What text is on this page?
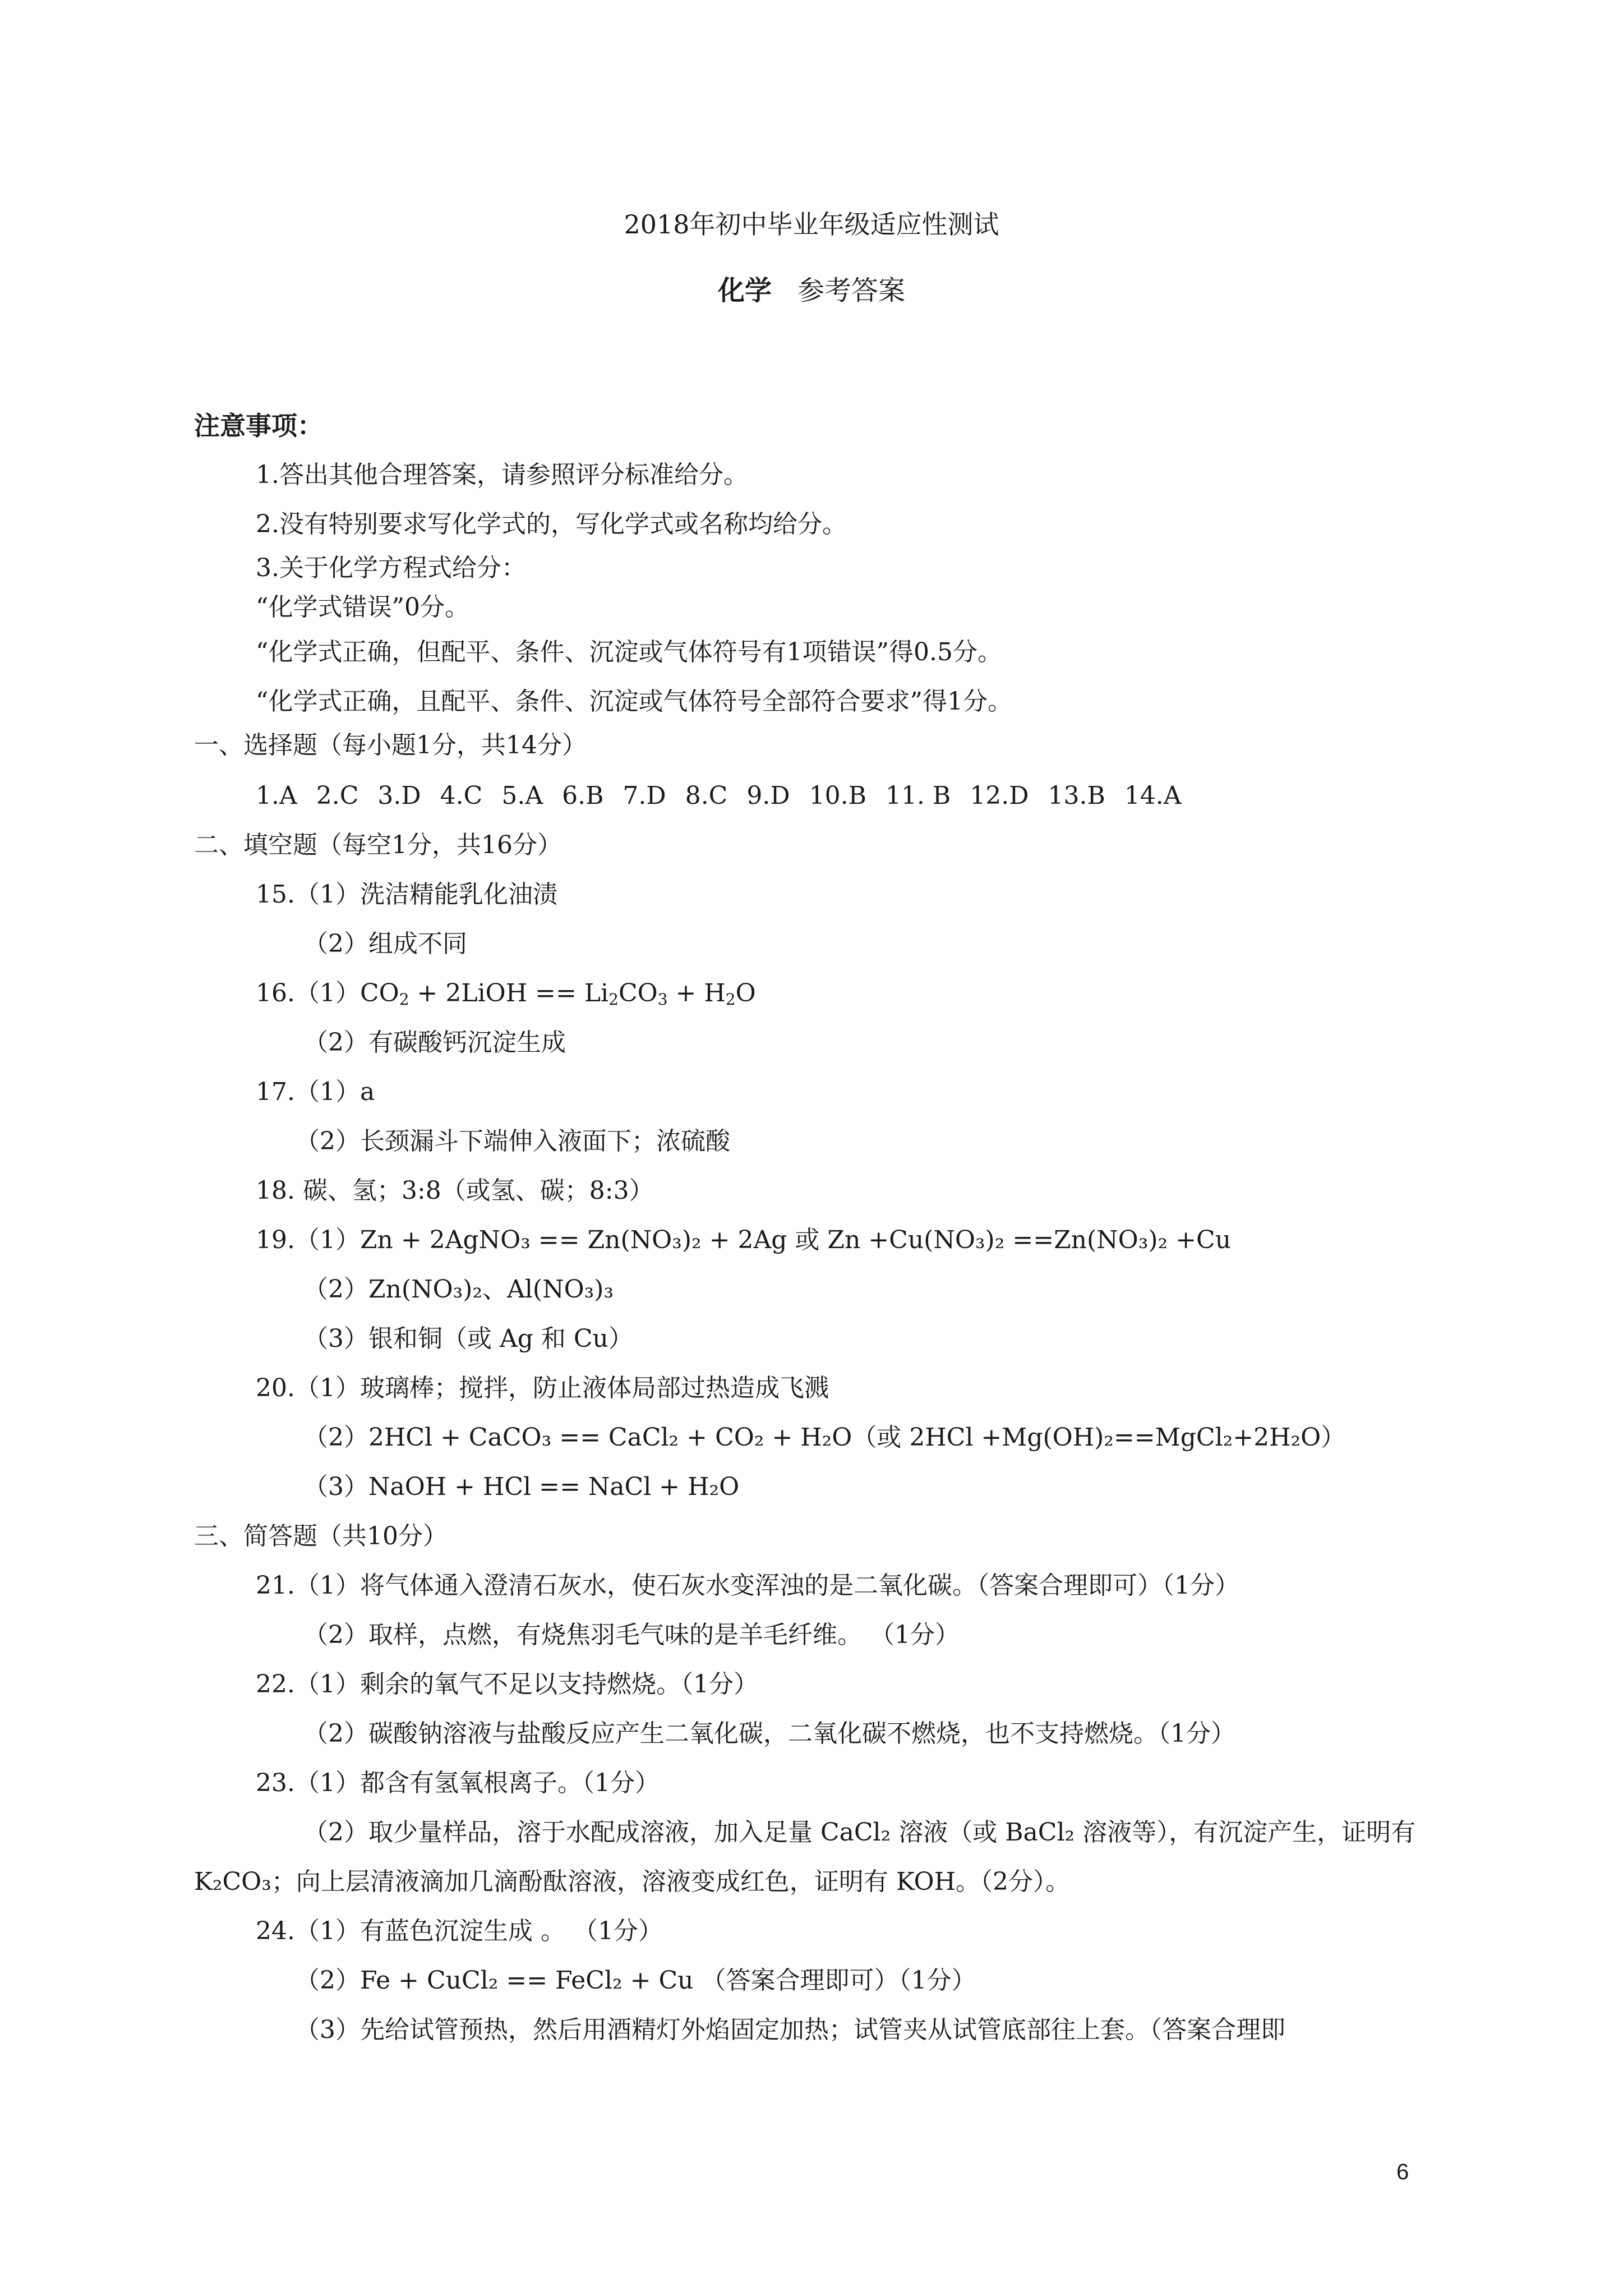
2018年初中毕业年级适应性测试
化学 参考答案
注意事项：
1.答出其他合理答案，请参照评分标准给分。
2.没有特别要求写化学式的，写化学式或名称均给分。
3.关于化学方程式给分：
“化学式错误”0分。
“化学式正确，但配平、条件、沉淀或气体符号有1项错误”得0.5分。
“化学式正确，且配平、条件、沉淀或气体符号全部符合要求”得1分。
一、选择题（每小题1分，共14分）
1.A 2.C 3.D 4.C 5.A 6.B 7.D 8.C 9.D 10.B 11. B 12.D 13.B 14.A
二、填空题（每空1分，共16分）
15.（1）洗洁精能乳化油渍
（2）组成不同
$16.(1)CO_2$ + 2LiOH == $Li_2CO_3 + H_2O$
（2）有碳酸钙沉淀生成
17.（1）a
（2）长颈漏斗下端伸入液面下；浓硫酸
18. 碳、氢；3:8（或氢、碳；8:3）
19.（1）Zn + 2AgNO₃ == Zn(NO₃)₂ + 2Ag 或 Zn +Cu(NO₃)₂ ==Zn(NO₃)₂ +Cu
（2）Zn(NO₃)₂、Al(NO₃)₃
（3）银和铜（或 Ag 和 Cu）
20.（1）玻璃棒；搅拌，防止液体局部过热造成飞溅
（2）2HCl + CaCO₃ == CaCl₂ + CO₂ + H₂O（或 2HCl +Mg(OH)₂==MgCl₂+2H₂O）
（3）NaOH + HCl == NaCl + H₂O
三、简答题（共10分）
21.（1）将气体通入澄清石灰水，使石灰水变浑浊的是二氧化碳。（答案合理即可）（1分）
（2）取样，点燃，有烧焦羽毛气味的是羊毛纤维。 （1分）
22.（1）剩余的氧气不足以支持燃烧。（1分）
（2）碳酸钠溶液与盐酸反应产生二氧化碳，二氧化碳不燃烧，也不支持燃烧。（1分）
23.（1）都含有氢氧根离子。（1分）
（2）取少量样品，溶于水配成溶液，加入足量 CaCl₂ 溶液（或 BaCl₂ 溶液等），有沉淀产生，证明有 K₂CO₃；向上层清液滴加几滴酚酞溶液，溶液变成红色，证明有 KOH。（2分）。
24.（1）有蓝色沉淀生成 。 （1分）
（2）Fe + CuCl₂ == FeCl₂ + Cu （答案合理即可）（1分）
（3）先给试管预热，然后用酒精灯外焰固定加热；试管夹从试管底部往上套。（答案合理即
6
